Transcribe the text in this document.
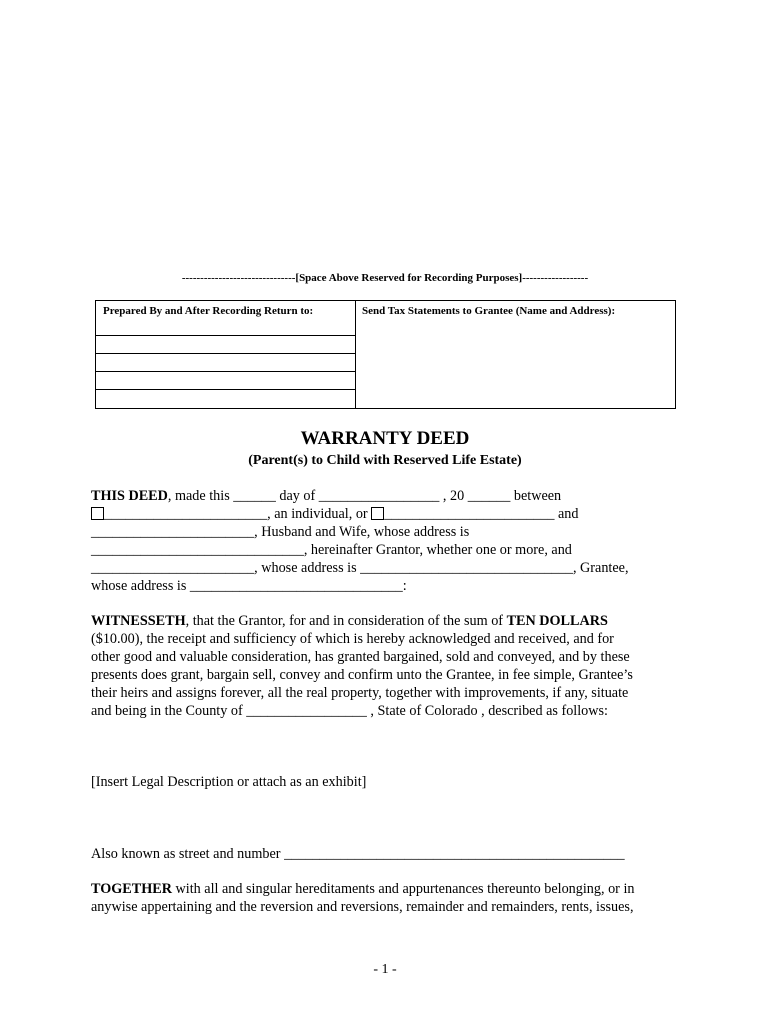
-------------------------------[Space Above Reserved for Recording Purposes]------------------
Prepared By and After Recording Return to:	Send Tax Statements to Grantee (Name and Address):
WARRANTY DEED
(Parent(s) to Child with Reserved Life Estate)
THIS DEED, made this ______ day of _________________ , 20 ______ between
_______________________, an individual, or ________________________ and
_______________________, Husband and Wife, whose address is
______________________________, hereinafter Grantor, whether one or more, and
_______________________, whose address is ______________________________, Grantee,
whose address is ______________________________:
WITNESSETH, that the Grantor, for and in consideration of the sum of TEN DOLLARS
($10.00), the receipt and sufficiency of which is hereby acknowledged and received, and for
other good and valuable consideration, has granted bargained, sold and conveyed, and by these
presents does grant, bargain sell, convey and confirm unto the Grantee, in fee simple, Grantee’s
their heirs and assigns forever, all the real property, together with improvements, if any, situate
and being in the County of _________________ , State of Colorado , described as follows:
[Insert Legal Description or attach as an exhibit]
Also known as street and number ________________________________________________
TOGETHER with all and singular hereditaments and appurtenances thereunto belonging, or in
anywise appertaining and the reversion and reversions, remainder and remainders, rents, issues,
- 1 -
